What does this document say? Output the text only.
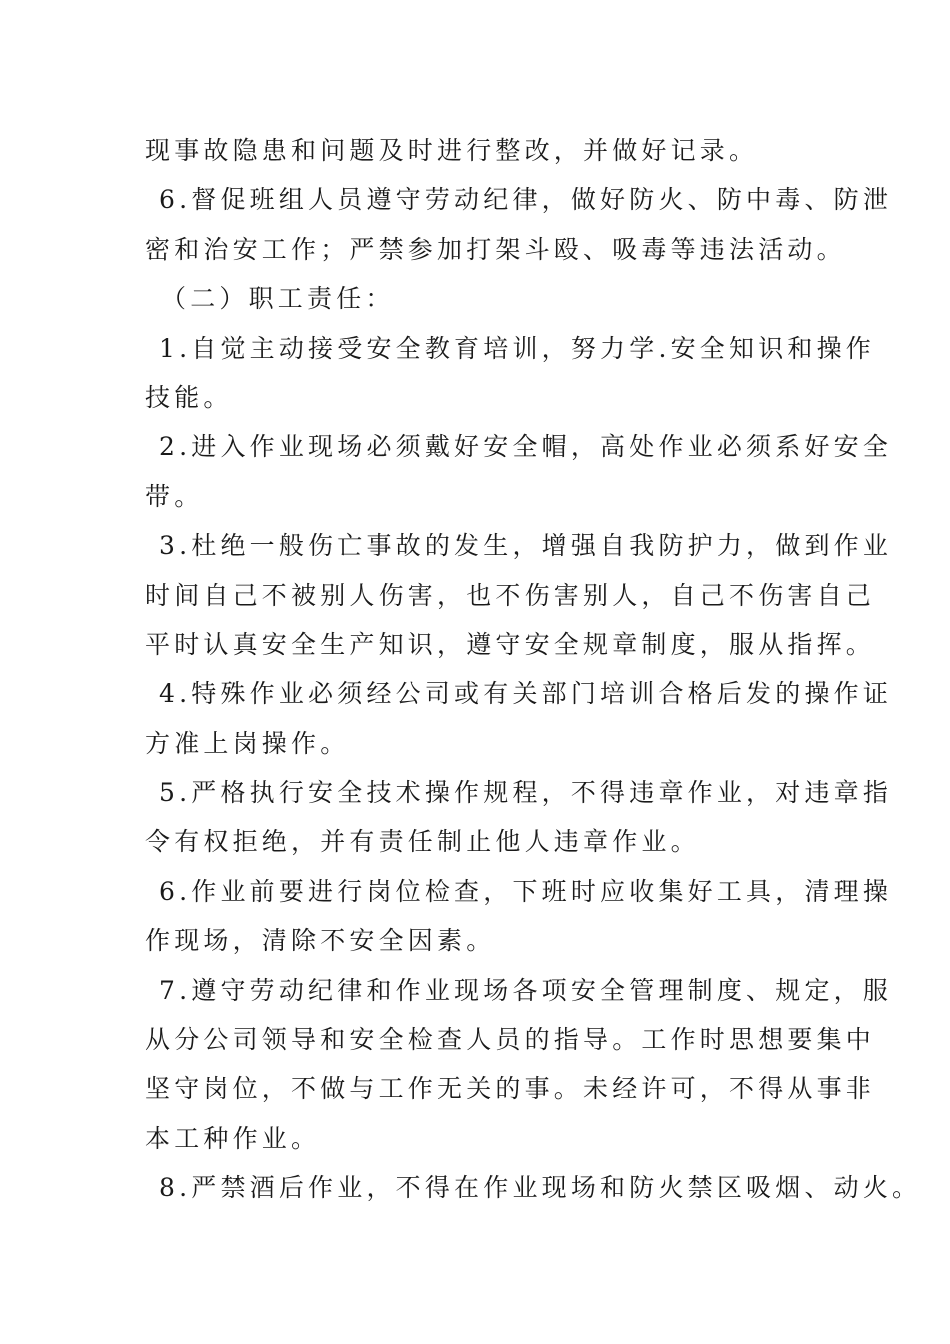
现事故隐患和问题及时进行整改，并做好记录。
6.督促班组人员遵守劳动纪律，做好防火、防中毒、防泄
密和治安工作；严禁参加打架斗殴、吸毒等违法活动。
（二）职工责任：
1.自觉主动接受安全教育培训，努力学.安全知识和操作
技能。
2.进入作业现场必须戴好安全帽，高处作业必须系好安全
带。
3.杜绝一般伤亡事故的发生，增强自我防护力，做到作业
时间自己不被别人伤害，也不伤害别人，自己不伤害自己
平时认真安全生产知识，遵守安全规章制度，服从指挥。
4.特殊作业必须经公司或有关部门培训合格后发的操作证
方准上岗操作。
5.严格执行安全技术操作规程，不得违章作业，对违章指
令有权拒绝，并有责任制止他人违章作业。
6.作业前要进行岗位检查，下班时应收集好工具，清理操
作现场，清除不安全因素。
7.遵守劳动纪律和作业现场各项安全管理制度、规定，服
从分公司领导和安全检查人员的指导。工作时思想要集中
坚守岗位，不做与工作无关的事。未经许可，不得从事非
本工种作业。
8.严禁酒后作业，不得在作业现场和防火禁区吸烟、动火。
